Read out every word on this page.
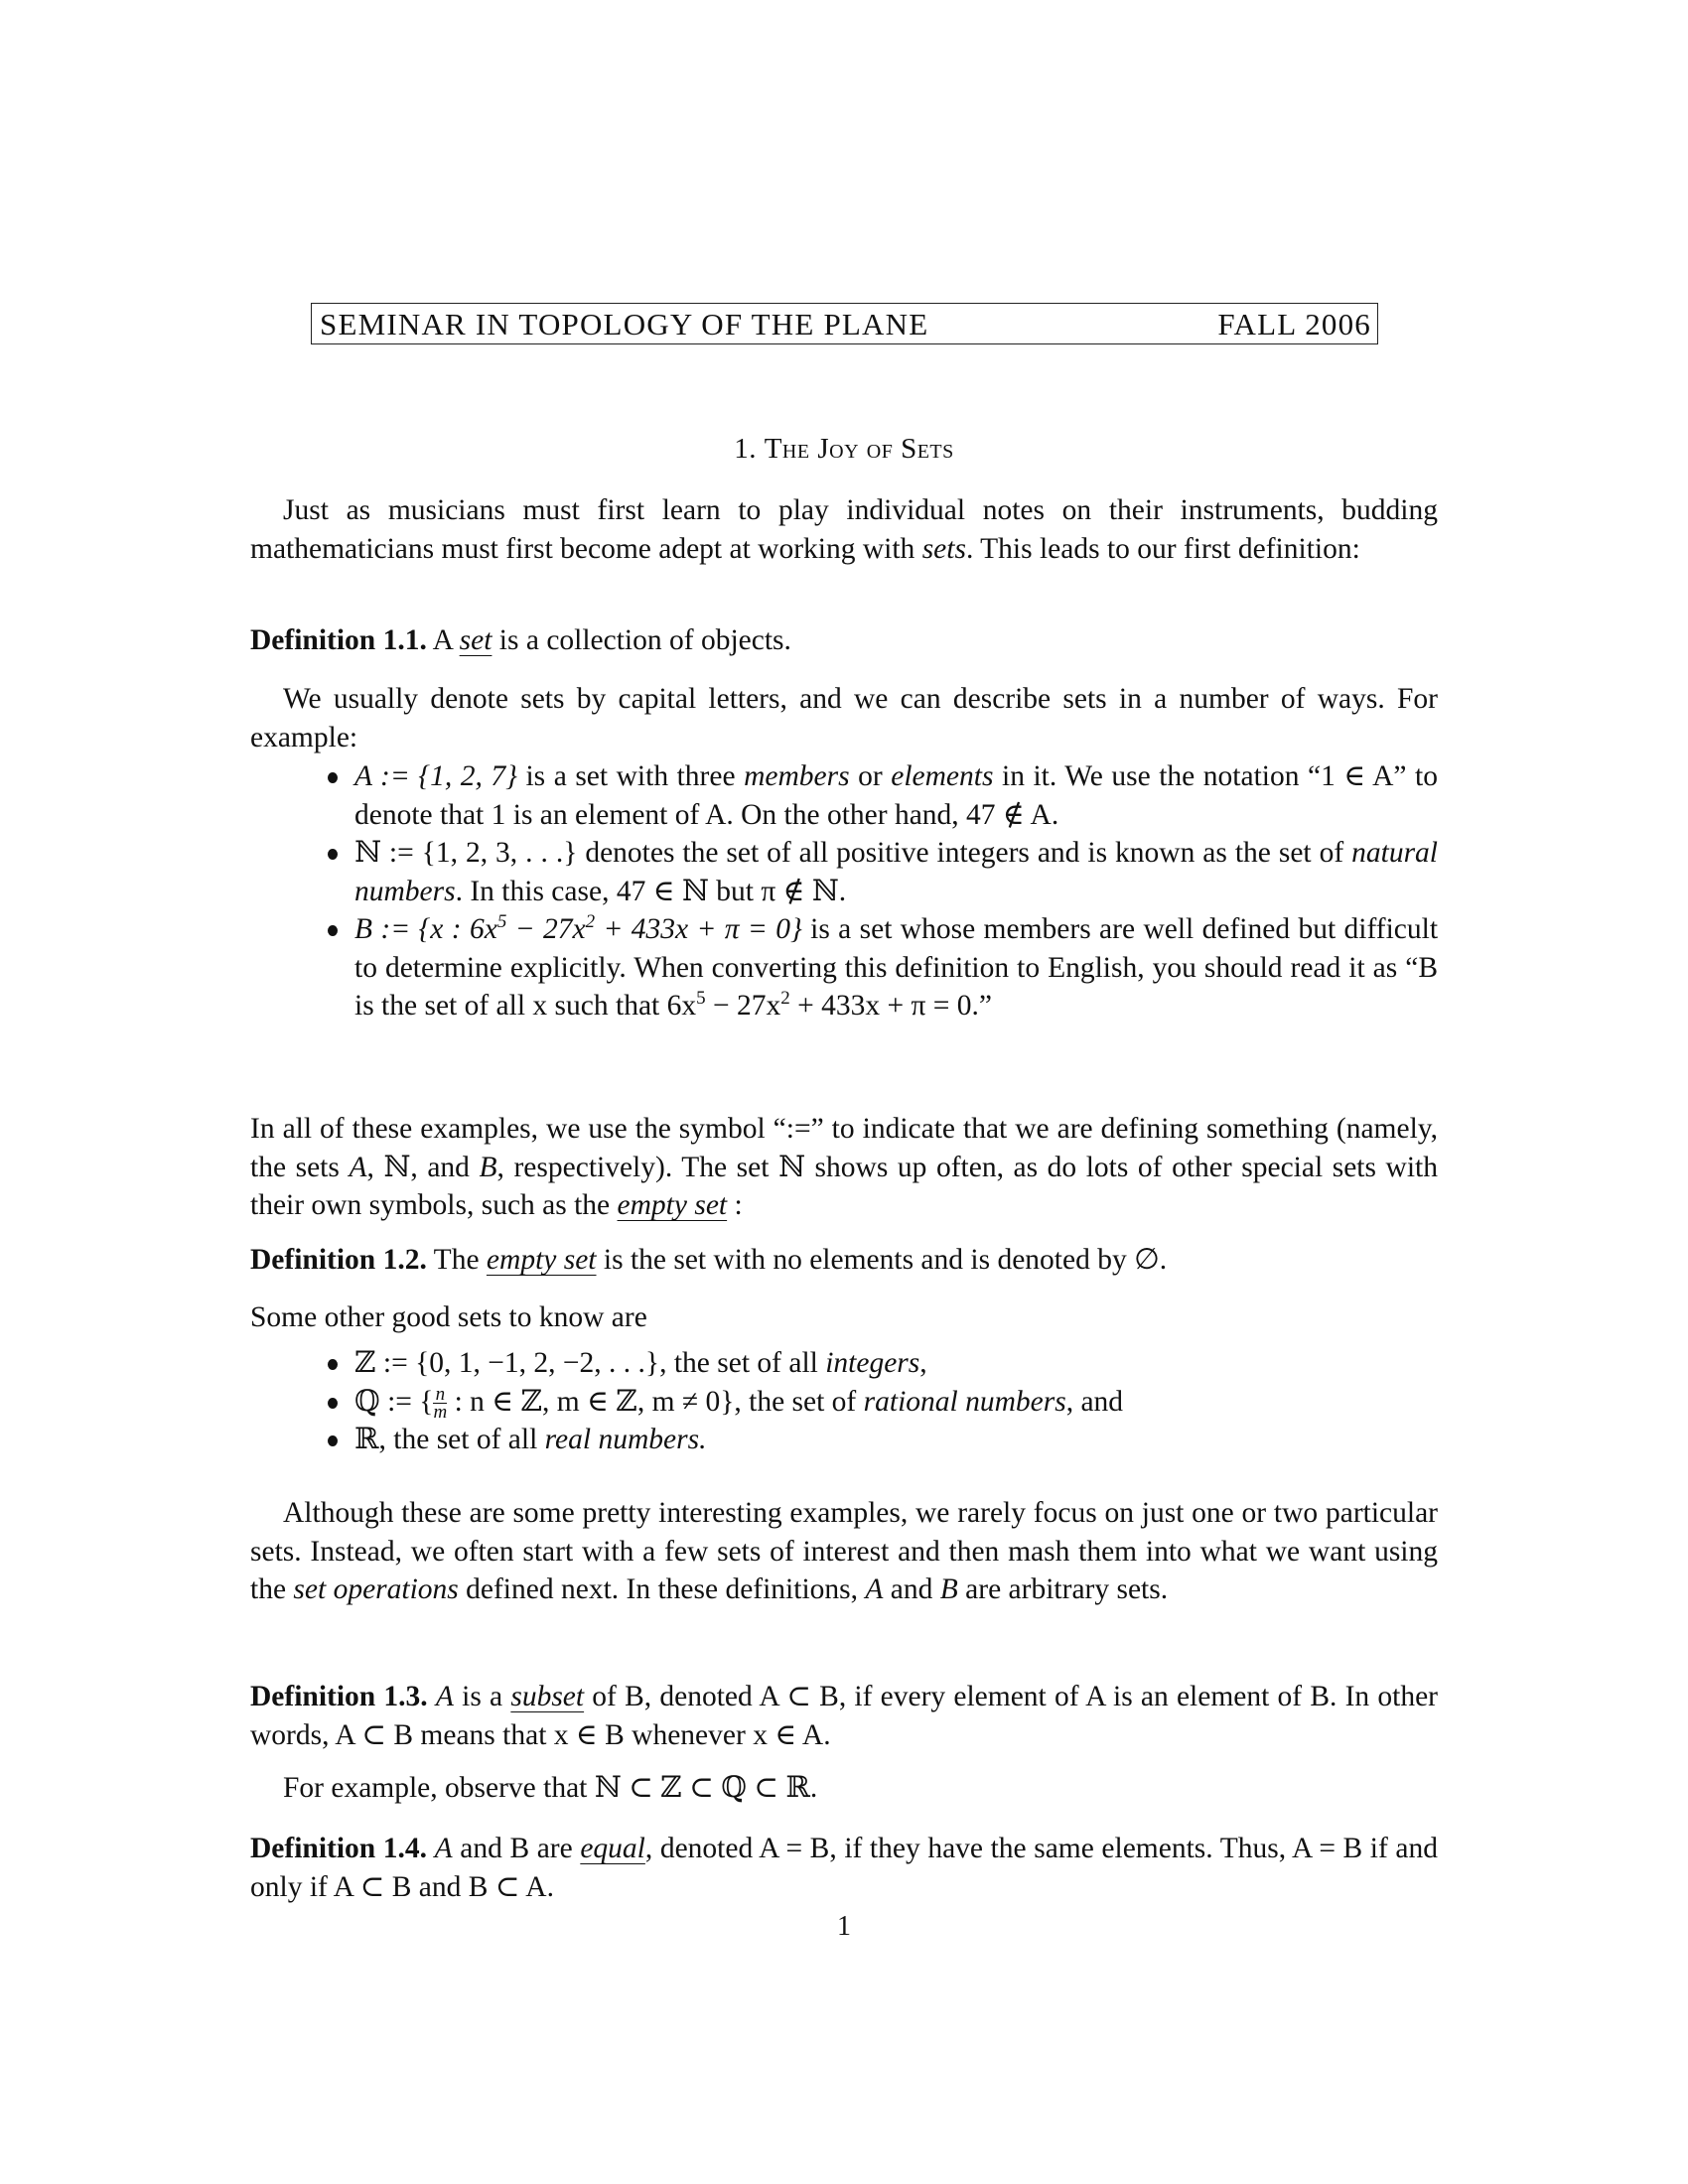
SEMINAR IN TOPOLOGY OF THE PLANE	FALL 2006
1. The Joy of Sets
Just as musicians must first learn to play individual notes on their instruments, budding mathematicians must first become adept at working with sets. This leads to our first definition:
Definition 1.1. A set is a collection of objects.
We usually denote sets by capital letters, and we can describe sets in a number of ways. For example:
A := {1, 2, 7} is a set with three members or elements in it. We use the notation “1 ∈ A” to denote that 1 is an element of A. On the other hand, 47 ∉ A.
ℕ := {1, 2, 3, . . .} denotes the set of all positive integers and is known as the set of natural numbers. In this case, 47 ∈ ℕ but π ∉ ℕ.
B := {x : $6x^5 - 27x^2 + 433x + \pi = 0$} is a set whose members are well defined but difficult to determine explicitly. When converting this definition to English, you should read it as “B is the set of all x such that $6x^5 - 27x^2 + 433x + \pi = 0$.”
In all of these examples, we use the symbol “:=” to indicate that we are defining something (namely, the sets A, ℕ, and B, respectively). The set ℕ shows up often, as do lots of other special sets with their own symbols, such as the empty set :
Definition 1.2. The empty set is the set with no elements and is denoted by ∅.
Some other good sets to know are
ℤ := {0, 1, −1, 2, −2, . . .}, the set of all integers,
ℚ := { $\frac{n}{m}$ : n ∈ ℤ, m ∈ ℤ, m ≠ 0}, the set of rational numbers, and
ℝ, the set of all real numbers.
Although these are some pretty interesting examples, we rarely focus on just one or two particular sets. Instead, we often start with a few sets of interest and then mash them into what we want using the set operations defined next. In these definitions, A and B are arbitrary sets.
Definition 1.3. A is a subset of B, denoted A ⊂ B, if every element of A is an element of B. In other words, A ⊂ B means that x ∈ B whenever x ∈ A.
For example, observe that ℕ ⊂ ℤ ⊂ ℚ ⊂ ℝ.
Definition 1.4. A and B are equal, denoted A = B, if they have the same elements. Thus, A = B if and only if A ⊂ B and B ⊂ A.
1
